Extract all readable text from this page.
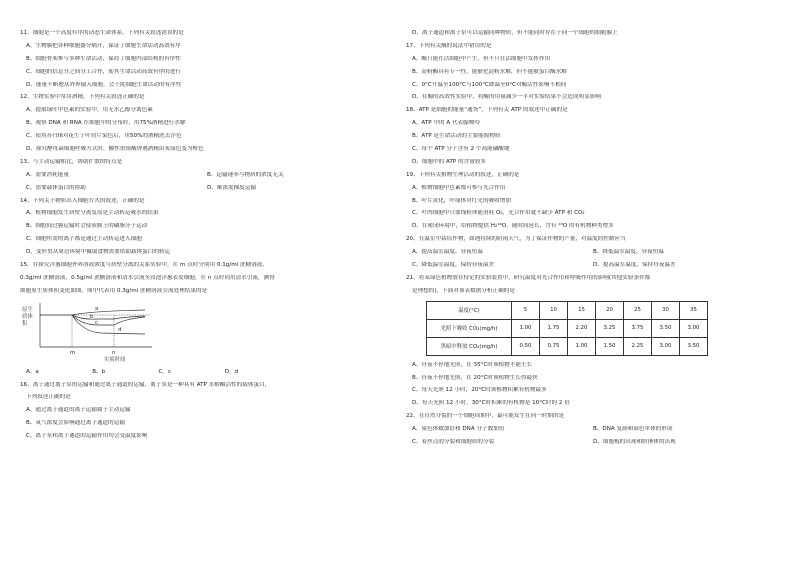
11、细胞是一个高度有序的动态生命体系，下列有关叙述错误的是
A、生物膜把各种细胞器分隔开，保证了细胞生命活动高效有序
B、细胞骨架参与多种生命活动，保持了细胞内部结构的有序性
C、细胞的信息分之间分工合作，使其生命活动高效有序的进行
D、能量不断地从外界输入细胞，会干扰细胞生命活动的有序性
12、生物实验中常用酒精，下列有关叙述正确的是
A、提取绿叶中色素的实验中，用无水乙醇分离色素
B、观察 DNA 和 RNA 在细胞中的分布时，用75%酒精进行水解
C、使用苏丹III对花生子叶切片染色后，用50%的酒精洗去浮色
D、探究酵母菌细胞呼吸方式时，酸性重铬酸钾遇酒精由灰绿色变为橙色
13、与主动运输相比，协助扩散的特点是
A、需要消耗能量	B、运输速率与物质的浓度无关
C、需要载体蛋白的协助	D、顺浓度梯度运输
14、下列关于物质出入细胞方式的叙述，正确的是
A、植物细胞发生质壁分离复原是主动转运吸水的结果
B、细胞间过膜运输时会使质膜上的磷脂分子运动
C、细胞所需的离子都是通过主动转运进入细胞
D、变形虫从周边环境中摄取食物需要借助载体蛋白的转运
15、在探究洋葱细胞外界溶液浓度与质壁分离的关系实验中，在 m 点时分别用 0.1g/ml 蔗糖溶液、
0.3g/ml 蔗糖溶液、0.5g/ml 蔗糖溶液和清水引流至浸泡洋葱表皮细胞，在 n 点时同用清水引流，测得
细胞原生质体积变化如图，图中代表用 0.3g/ml 蔗糖溶液引流处理结果的是
原生
质体
积
a
b
c
d
m	n
实验时间
A、a	B、b	C、c	D、d
16、离子通过离子泵的运输和通过离子通道的运输，离子泵是一种具有 ATP 水解酶活性的载体蛋白，
下列叙述正确的是
A、通过离子通道的离子运输属于主动运输
B、氧气浓度会影响通过离子通道的运输
C、离子泵和离子通道的运输作用均会受温度影响
D、离子通道和离子泵可以运输同种物质，但不能同时存在于同一个细胞的细胞膜上
17、下列有关酶的说法中错误的是
A、酶只能在活细胞中产生，但不只在活细胞中发挥作用
B、淀粉酶具有专一性，能催化淀粉水解，但不能被蛋白酶水解
C、0°C升温至100°C与100°C降温至0°C对酶活性影响不相同
D、在酶的高效性实验中，将酶的用量减少一半对实验结果不会造成明显影响
18、ATP 是细胞的能量“通货”，下列有关 ATP 的叙述中正确的是
A、ATP 中的 A 代表腺嘌呤
B、ATP 是生命活动的主要能源物质
C、每个 ATP 分子含有 2 个高能磷酸键
D、细胞中的 ATP 的含量较多
19、下列有关植物生理活动的叙述，正确的是
A、植物细胞中色素都可参与光合作用
B、叶片黄化，叶绿体对红光的吸收增加
C、叶肉细胞中只要线粒体能消耗 O₂，光合作用就不缺少 ATP 和 CO₂
D、在密闭环境中，给植物提供 H₂¹⁸O，随时间延长，含有 ¹⁸O 的有机物种类增多
20、在温室中栽培作物，如遇持续的阴雨天气，为了保证作物的产量，对温度的控制应当
A、提高温室温度，昼夜恒温	B、降低温室温度，昼夜恒温
C、降低温室温度，保持昼夜温差	D、提高温室温度，保持昼夜温差
21、将某绿色植物放在特定的实验装置中，研究温度对光合作用和呼吸作用的影响(其他实验条件都
是理想的)，下面对该表数据分析正确的是
温度(°C)	5	10	15	20	25	30	35
光照下吸收 CO₂(mg/h)	1.00	1.75	2.20	3.25	3.75	3.50	3.00
黑暗中释放 CO₂(mg/h)	0.50	0.75	1.00	1.50	2.25	3.00	3.50
A、昼夜不停地光照，在 35°C时该植物不能生长
B、昼夜不停地光照，在 20°C时该植物生长得最快
C、每天光照 12 小时，20°C时该植物积累有机物最多
D、每天光照 12 小时，30°C时积累的有机物是 10°C时的 2 倍
22、在自然分裂的一个细胞周期中，最可能发生在同一时期的是
A、染色体数加倍和 DNA 分子数加倍	B、DNA 复制和染色单体的形成
C、着丝点的分裂和细胞质的分裂	D、细胞板的出现和纺锤体的出现
